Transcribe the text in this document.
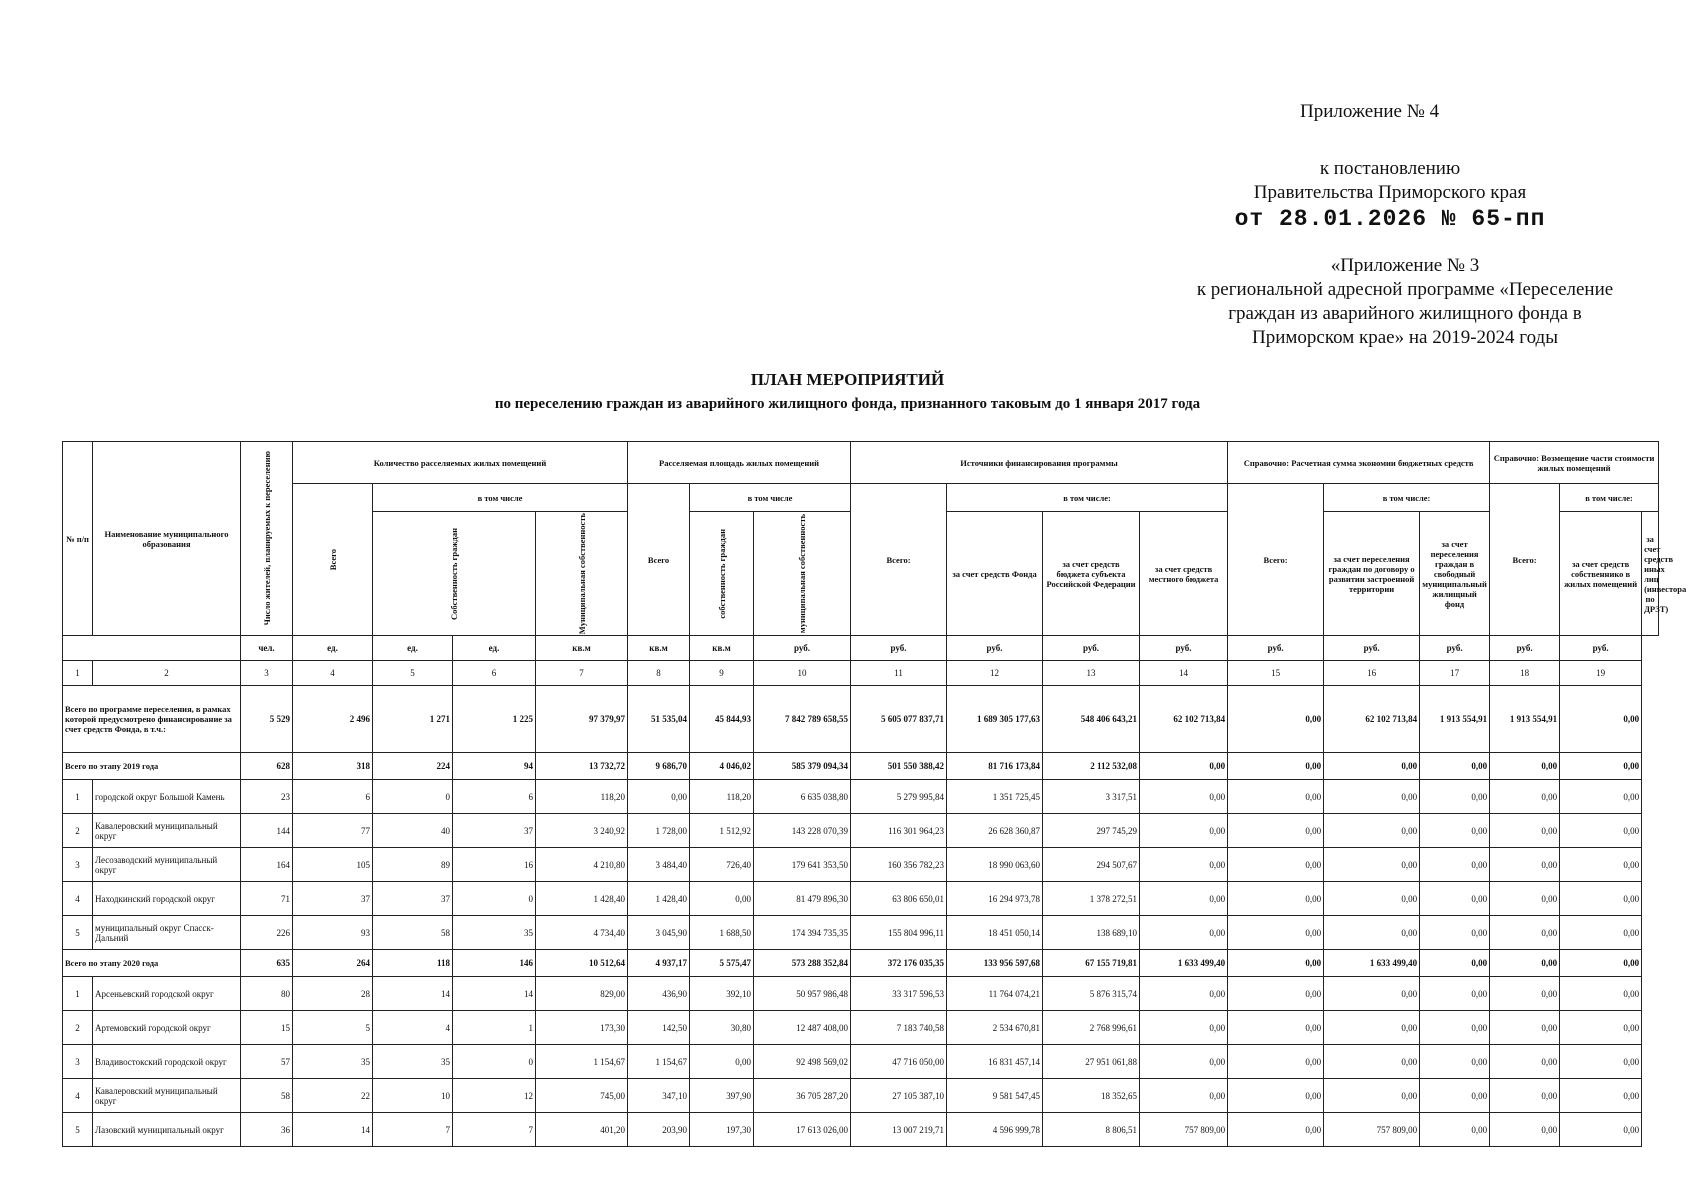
Приложение № 4
к постановлению
Правительства Приморского края
от 28.01.2026 № 65-пп
«Приложение № 3
к региональной адресной программе «Переселение
граждан из аварийного жилищного фонда в
Приморском крае» на 2019-2024 годы
ПЛАН МЕРОПРИЯТИЙ
по переселению граждан из аварийного жилищного фонда, признанного таковым до 1 января 2017 года
№ п/п	Наименование муниципального образования	Число жителей, планируемых к переселению	Количество расселяемых жилых помещений				Расселяемая площадь жилых помещений			Источники финансирования программы				Справочно: Расчетная сумма экономии бюджетных средств			Справочно: Возмещение части стоимости жилых помещений		

			Всего	в том числе			Всего	в том числе		Всего:	в том числе:			Всего:	в том числе:		Всего:	в том числе:	

				Собственность граждан		Муниципальная собственность		собственность граждан	муниципальная собственность		за счет средств Фонда	за счет средств бюджета субъекта Российской Федерации	за счет средств местного бюджета		за счет переселения граждан по договору о развитии застроенной территории	за счет переселения граждан в свободный муниципальный жилищный фонд		за счет средств собственнико в жилых помещений	за счет средств иных лиц (инвестора по ДРЗТ)
		чел.	ед.	ед.	ед.	кв.м	кв.м	кв.м	руб.	руб.	руб.	руб.	руб.	руб.	руб.	руб.	руб.	руб.	
1	2	3	4	5	6	7	8	9	10	11	12	13	14	15	16	17	18	19	
Всего по программе переселения, в рамках которой предусмотрено финансирование за счет средств Фонда, в т.ч.:		5 529	2 496	1 271	1 225	97 379,97	51 535,04	45 844,93	7 842 789 658,55	5 605 077 837,71	1 689 305 177,63	548 406 643,21	62 102 713,84	0,00	62 102 713,84	1 913 554,91	1 913 554,91	0,00	
Всего по этапу 2019 года		628	318	224	94	13 732,72	9 686,70	4 046,02	585 379 094,34	501 550 388,42	81 716 173,84	2 112 532,08	0,00	0,00	0,00	0,00	0,00	0,00	
1	городской округ Большой Камень	23	6	0	6	118,20	0,00	118,20	6 635 038,80	5 279 995,84	1 351 725,45	3 317,51	0,00	0,00	0,00	0,00	0,00	0,00	
2	Кавалеровский муниципальный округ	144	77	40	37	3 240,92	1 728,00	1 512,92	143 228 070,39	116 301 964,23	26 628 360,87	297 745,29	0,00	0,00	0,00	0,00	0,00	0,00	
3	Лесозаводский муниципальный округ	164	105	89	16	4 210,80	3 484,40	726,40	179 641 353,50	160 356 782,23	18 990 063,60	294 507,67	0,00	0,00	0,00	0,00	0,00	0,00	
4	Находкинский городской округ	71	37	37	0	1 428,40	1 428,40	0,00	81 479 896,30	63 806 650,01	16 294 973,78	1 378 272,51	0,00	0,00	0,00	0,00	0,00	0,00	
5	муниципальный округ Спасск-Дальний	226	93	58	35	4 734,40	3 045,90	1 688,50	174 394 735,35	155 804 996,11	18 451 050,14	138 689,10	0,00	0,00	0,00	0,00	0,00	0,00	
Всего по этапу 2020 года		635	264	118	146	10 512,64	4 937,17	5 575,47	573 288 352,84	372 176 035,35	133 956 597,68	67 155 719,81	1 633 499,40	0,00	1 633 499,40	0,00	0,00	0,00	
1	Арсеньевский городской округ	80	28	14	14	829,00	436,90	392,10	50 957 986,48	33 317 596,53	11 764 074,21	5 876 315,74	0,00	0,00	0,00	0,00	0,00	0,00	
2	Артемовский городской округ	15	5	4	1	173,30	142,50	30,80	12 487 408,00	7 183 740,58	2 534 670,81	2 768 996,61	0,00	0,00	0,00	0,00	0,00	0,00	
3	Владивостокский городской округ	57	35	35	0	1 154,67	1 154,67	0,00	92 498 569,02	47 716 050,00	16 831 457,14	27 951 061,88	0,00	0,00	0,00	0,00	0,00	0,00	
4	Кавалеровский муниципальный округ	58	22	10	12	745,00	347,10	397,90	36 705 287,20	27 105 387,10	9 581 547,45	18 352,65	0,00	0,00	0,00	0,00	0,00	0,00	
5	Лазовский муниципальный округ	36	14	7	7	401,20	203,90	197,30	17 613 026,00	13 007 219,71	4 596 999,78	8 806,51	757 809,00	0,00	757 809,00	0,00	0,00	0,00	
